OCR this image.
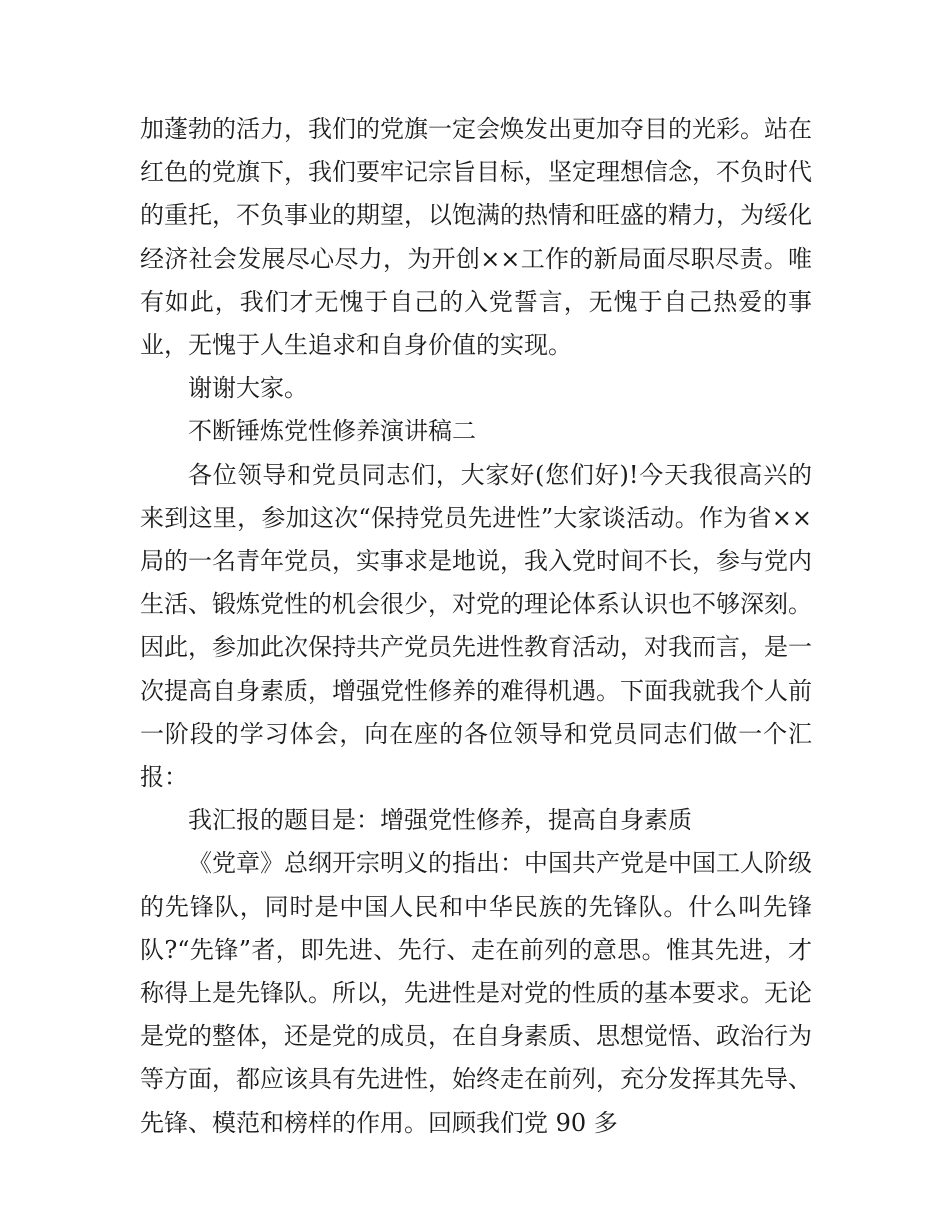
加蓬勃的活力，我们的党旗一定会焕发出更加夺目的光彩。站在红色的党旗下，我们要牢记宗旨目标，坚定理想信念，不负时代的重托，不负事业的期望，以饱满的热情和旺盛的精力，为绥化经济社会发展尽心尽力，为开创××工作的新局面尽职尽责。唯有如此，我们才无愧于自己的入党誓言，无愧于自己热爱的事业，无愧于人生追求和自身价值的实现。

谢谢大家。

不断锤炼党性修养演讲稿二

各位领导和党员同志们，大家好(您们好)!今天我很高兴的来到这里，参加这次“保持党员先进性”大家谈活动。作为省××局的一名青年党员，实事求是地说，我入党时间不长，参与党内生活、锻炼党性的机会很少，对党的理论体系认识也不够深刻。因此，参加此次保持共产党员先进性教育活动，对我而言，是一次提高自身素质，增强党性修养的难得机遇。下面我就我个人前一阶段的学习体会，向在座的各位领导和党员同志们做一个汇报：

我汇报的题目是：增强党性修养，提高自身素质

《党章》总纲开宗明义的指出：中国共产党是中国工人阶级的先锋队，同时是中国人民和中华民族的先锋队。什么叫先锋队?“先锋”者，即先进、先行、走在前列的意思。惟其先进，才称得上是先锋队。所以，先进性是对党的性质的基本要求。无论是党的整体，还是党的成员，在自身素质、思想觉悟、政治行为等方面，都应该具有先进性，始终走在前列，充分发挥其先导、先锋、模范和榜样的作用。回顾我们党 90 多
